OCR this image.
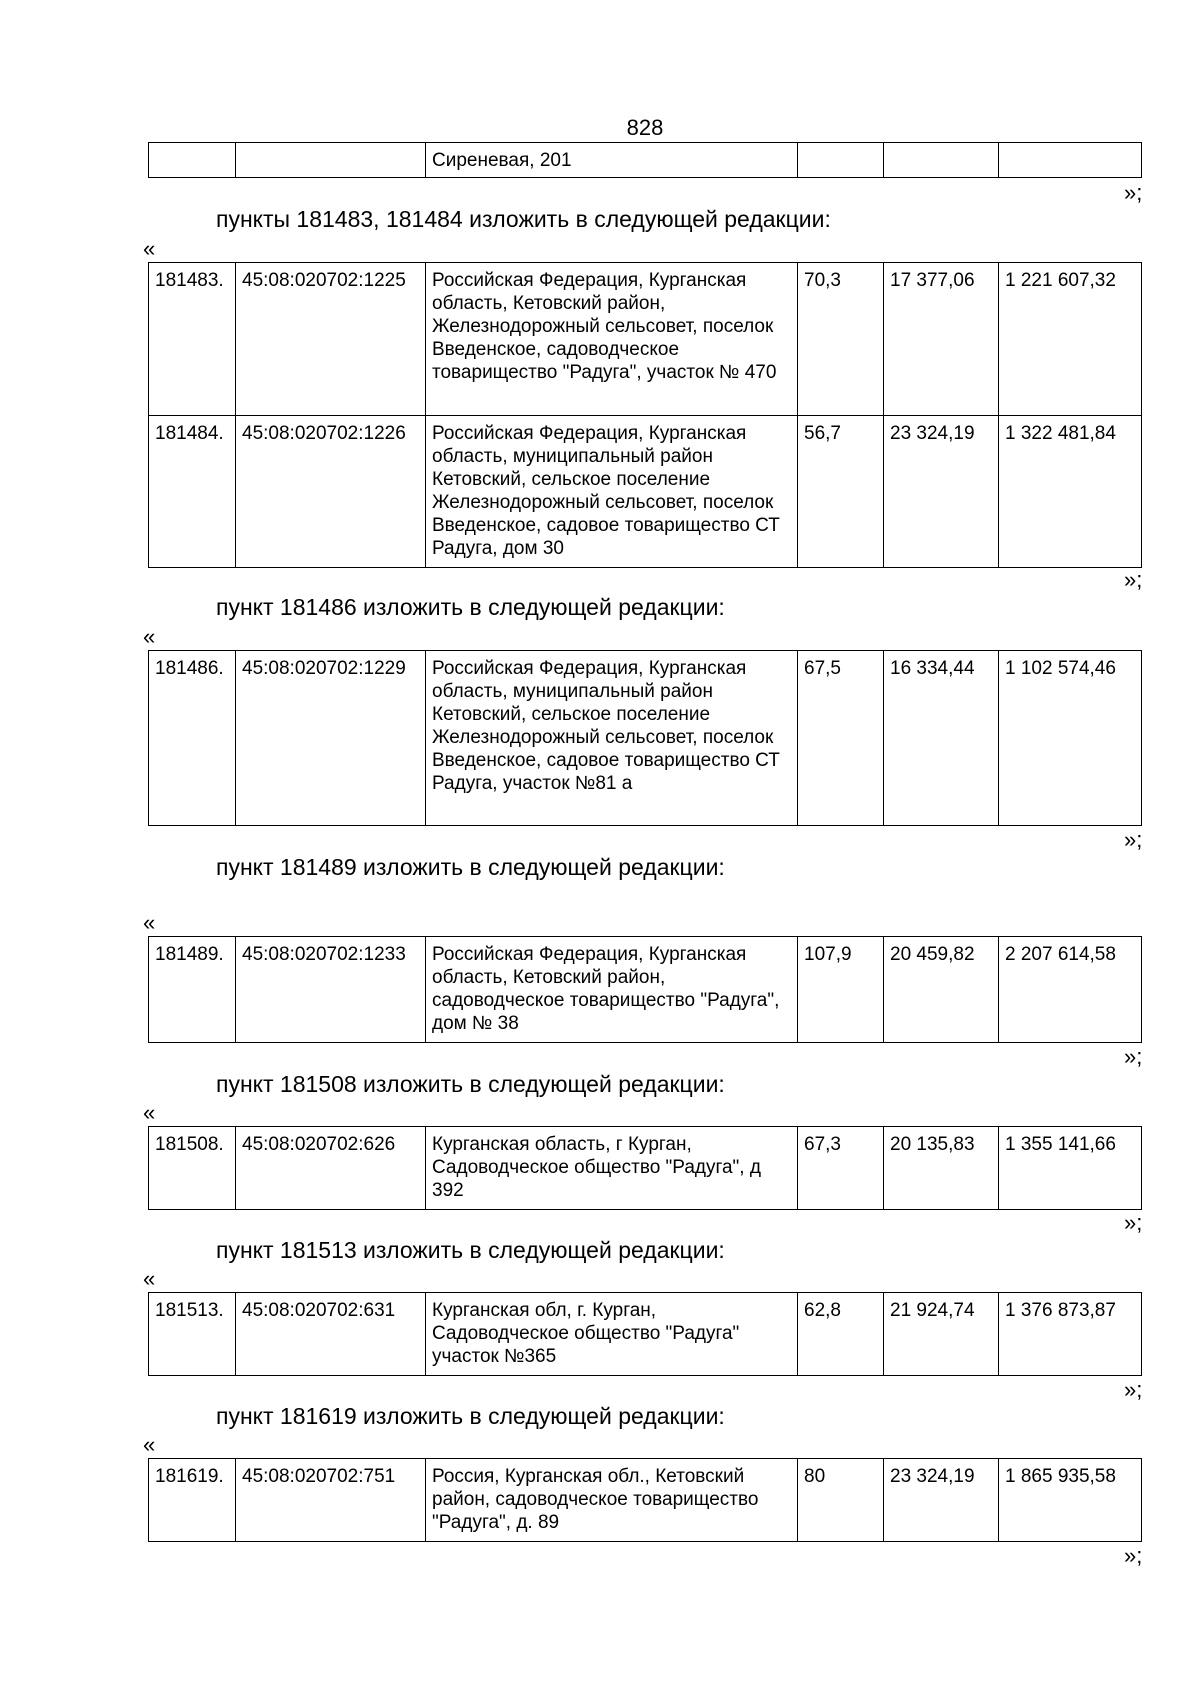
828
		Сиреневая, 201			
»;
пункты 181483, 181484 изложить в следующей редакции:
«
181483.	45:08:020702:1225	Российская Федерация, Курганская область, Кетовский район, Железнодорожный сельсовет, поселок Введенское, садоводческое товарищество "Радуга", участок № 470	70,3	17 377,06	1 221 607,32
181484.	45:08:020702:1226	Российская Федерация, Курганская область, муниципальный район Кетовский, сельское поселение Железнодорожный сельсовет, поселок Введенское, садовое товарищество СТ Радуга, дом 30	56,7	23 324,19	1 322 481,84
»;
пункт 181486 изложить в следующей редакции:
«
181486.	45:08:020702:1229	Российская Федерация, Курганская область, муниципальный район Кетовский, сельское поселение Железнодорожный сельсовет, поселок Введенское, садовое товарищество СТ Радуга, участок №81 а	67,5	16 334,44	1 102 574,46
»;
пункт 181489 изложить в следующей редакции:
«
181489.	45:08:020702:1233	Российская Федерация, Курганская область, Кетовский район, садоводческое товарищество "Радуга", дом № 38	107,9	20 459,82	2 207 614,58
»;
пункт 181508 изложить в следующей редакции:
«
181508.	45:08:020702:626	Курганская область, г Курган, Садоводческое общество "Радуга", д 392	67,3	20 135,83	1 355 141,66
»;
пункт 181513 изложить в следующей редакции:
«
181513.	45:08:020702:631	Курганская обл, г. Курган, Садоводческое общество "Радуга" участок №365	62,8	21 924,74	1 376 873,87
»;
пункт 181619 изложить в следующей редакции:
«
181619.	45:08:020702:751	Россия, Курганская обл., Кетовский район, садоводческое товарищество "Радуга", д. 89	80	23 324,19	1 865 935,58
»;
